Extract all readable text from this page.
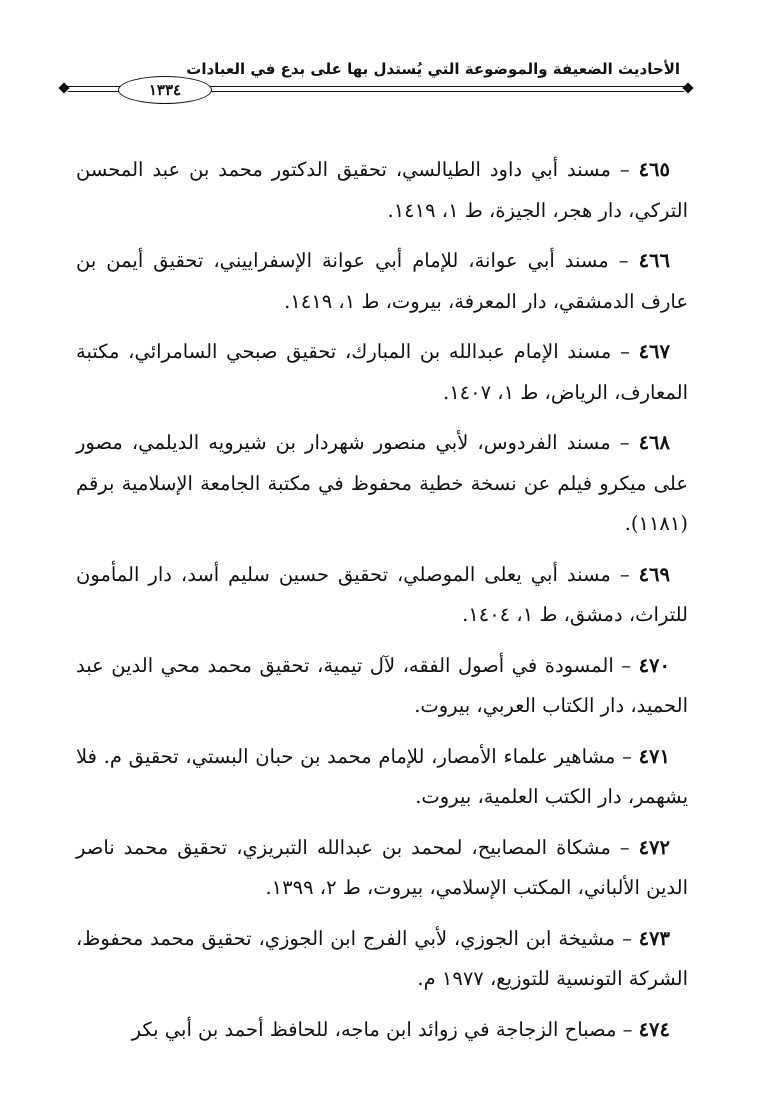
الأحاديث الضعيفة والموضوعة التي يُستدل بها على بدع في العبادات
١٣٣٤

٤٦٥ – مسند أبي داود الطيالسي، تحقيق الدكتور محمد بن عبد المحسن التركي، دار هجر، الجيزة، ط ١، ١٤١٩.

٤٦٦ – مسند أبي عوانة، للإمام أبي عوانة الإسفراييني، تحقيق أيمن بن عارف الدمشقي، دار المعرفة، بيروت، ط ١، ١٤١٩.

٤٦٧ – مسند الإمام عبدالله بن المبارك، تحقيق صبحي السامرائي، مكتبة المعارف، الرياض، ط ١، ١٤٠٧.

٤٦٨ – مسند الفردوس، لأبي منصور شهردار بن شيرويه الديلمي، مصور على ميكرو فيلم عن نسخة خطية محفوظ في مكتبة الجامعة الإسلامية برقم (١١٨١).

٤٦٩ – مسند أبي يعلى الموصلي، تحقيق حسين سليم أسد، دار المأمون للتراث، دمشق، ط ١، ١٤٠٤.

٤٧٠ – المسودة في أصول الفقه، لآل تيمية، تحقيق محمد محي الدين عبد الحميد، دار الكتاب العربي، بيروت.

٤٧١ – مشاهير علماء الأمصار، للإمام محمد بن حبان البستي، تحقيق م. فلا يشهمر، دار الكتب العلمية، بيروت.

٤٧٢ – مشكاة المصابيح، لمحمد بن عبدالله التبريزي، تحقيق محمد ناصر الدين الألباني، المكتب الإسلامي، بيروت، ط ٢، ١٣٩٩.

٤٧٣ – مشيخة ابن الجوزي، لأبي الفرج ابن الجوزي، تحقيق محمد محفوظ، الشركة التونسية للتوزيع، ١٩٧٧ م.

٤٧٤ – مصباح الزجاجة في زوائد ابن ماجه، للحافظ أحمد بن أبي بكر
